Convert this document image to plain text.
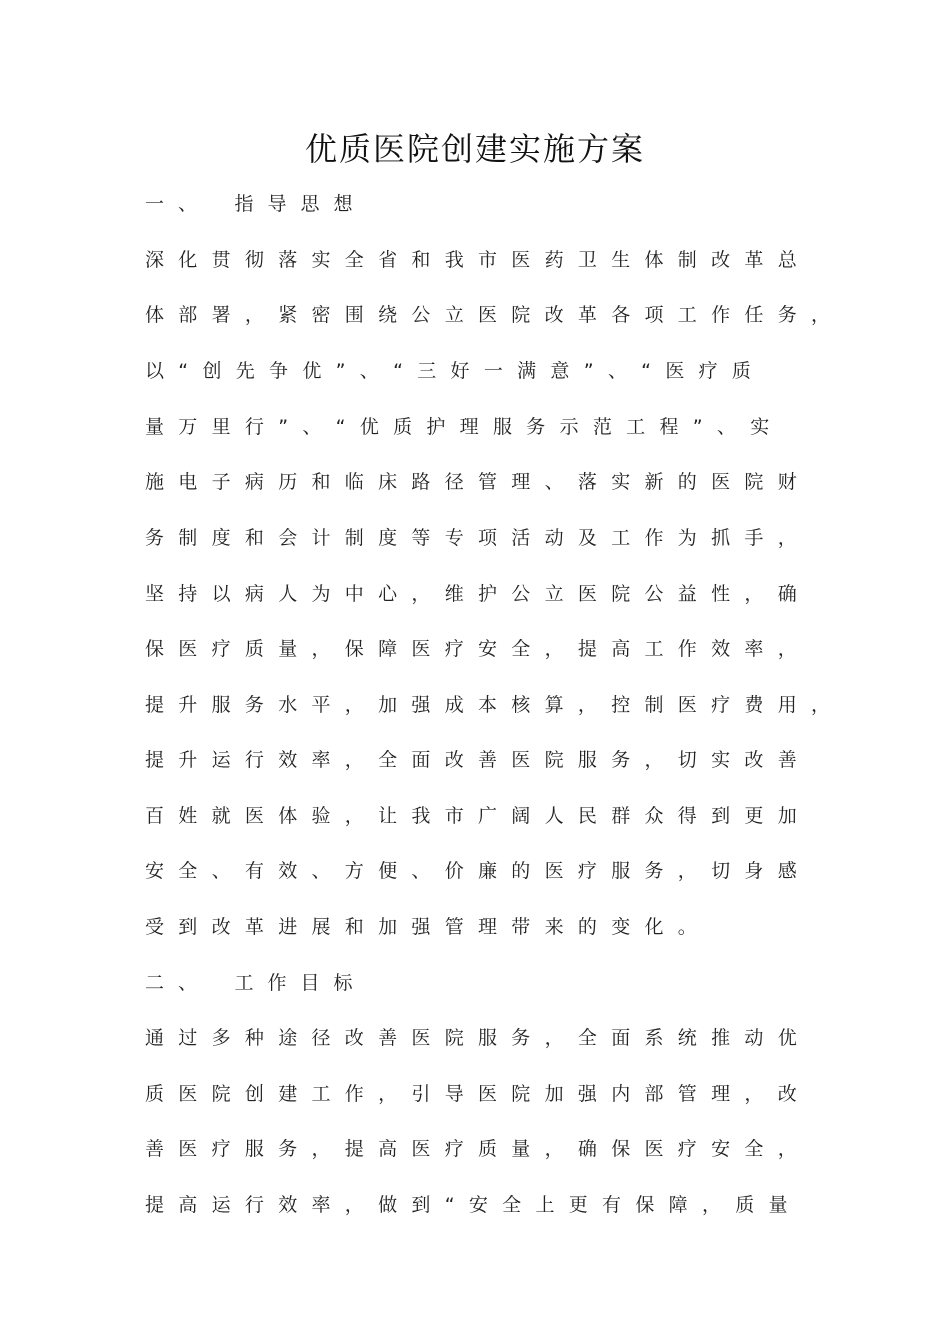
优质医院创建实施方案
一、　指导思想
深化贯彻落实全省和我市医药卫生体制改革总
体部署，紧密围绕公立医院改革各项工作任务，
以“创先争优”、“三好一满意”、“医疗质
量万里行”、“优质护理服务示范工程”、实
施电子病历和临床路径管理、落实新的医院财
务制度和会计制度等专项活动及工作为抓手，
坚持以病人为中心，维护公立医院公益性，确
保医疗质量，保障医疗安全，提高工作效率，
提升服务水平，加强成本核算，控制医疗费用，
提升运行效率，全面改善医院服务，切实改善
百姓就医体验，让我市广阔人民群众得到更加
安全、有效、方便、价廉的医疗服务，切身感
受到改革进展和加强管理带来的变化。
二、　工作目标
通过多种途径改善医院服务，全面系统推动优
质医院创建工作，引导医院加强内部管理，改
善医疗服务，提高医疗质量，确保医疗安全，
提高运行效率，做到“安全上更有保障，质量
